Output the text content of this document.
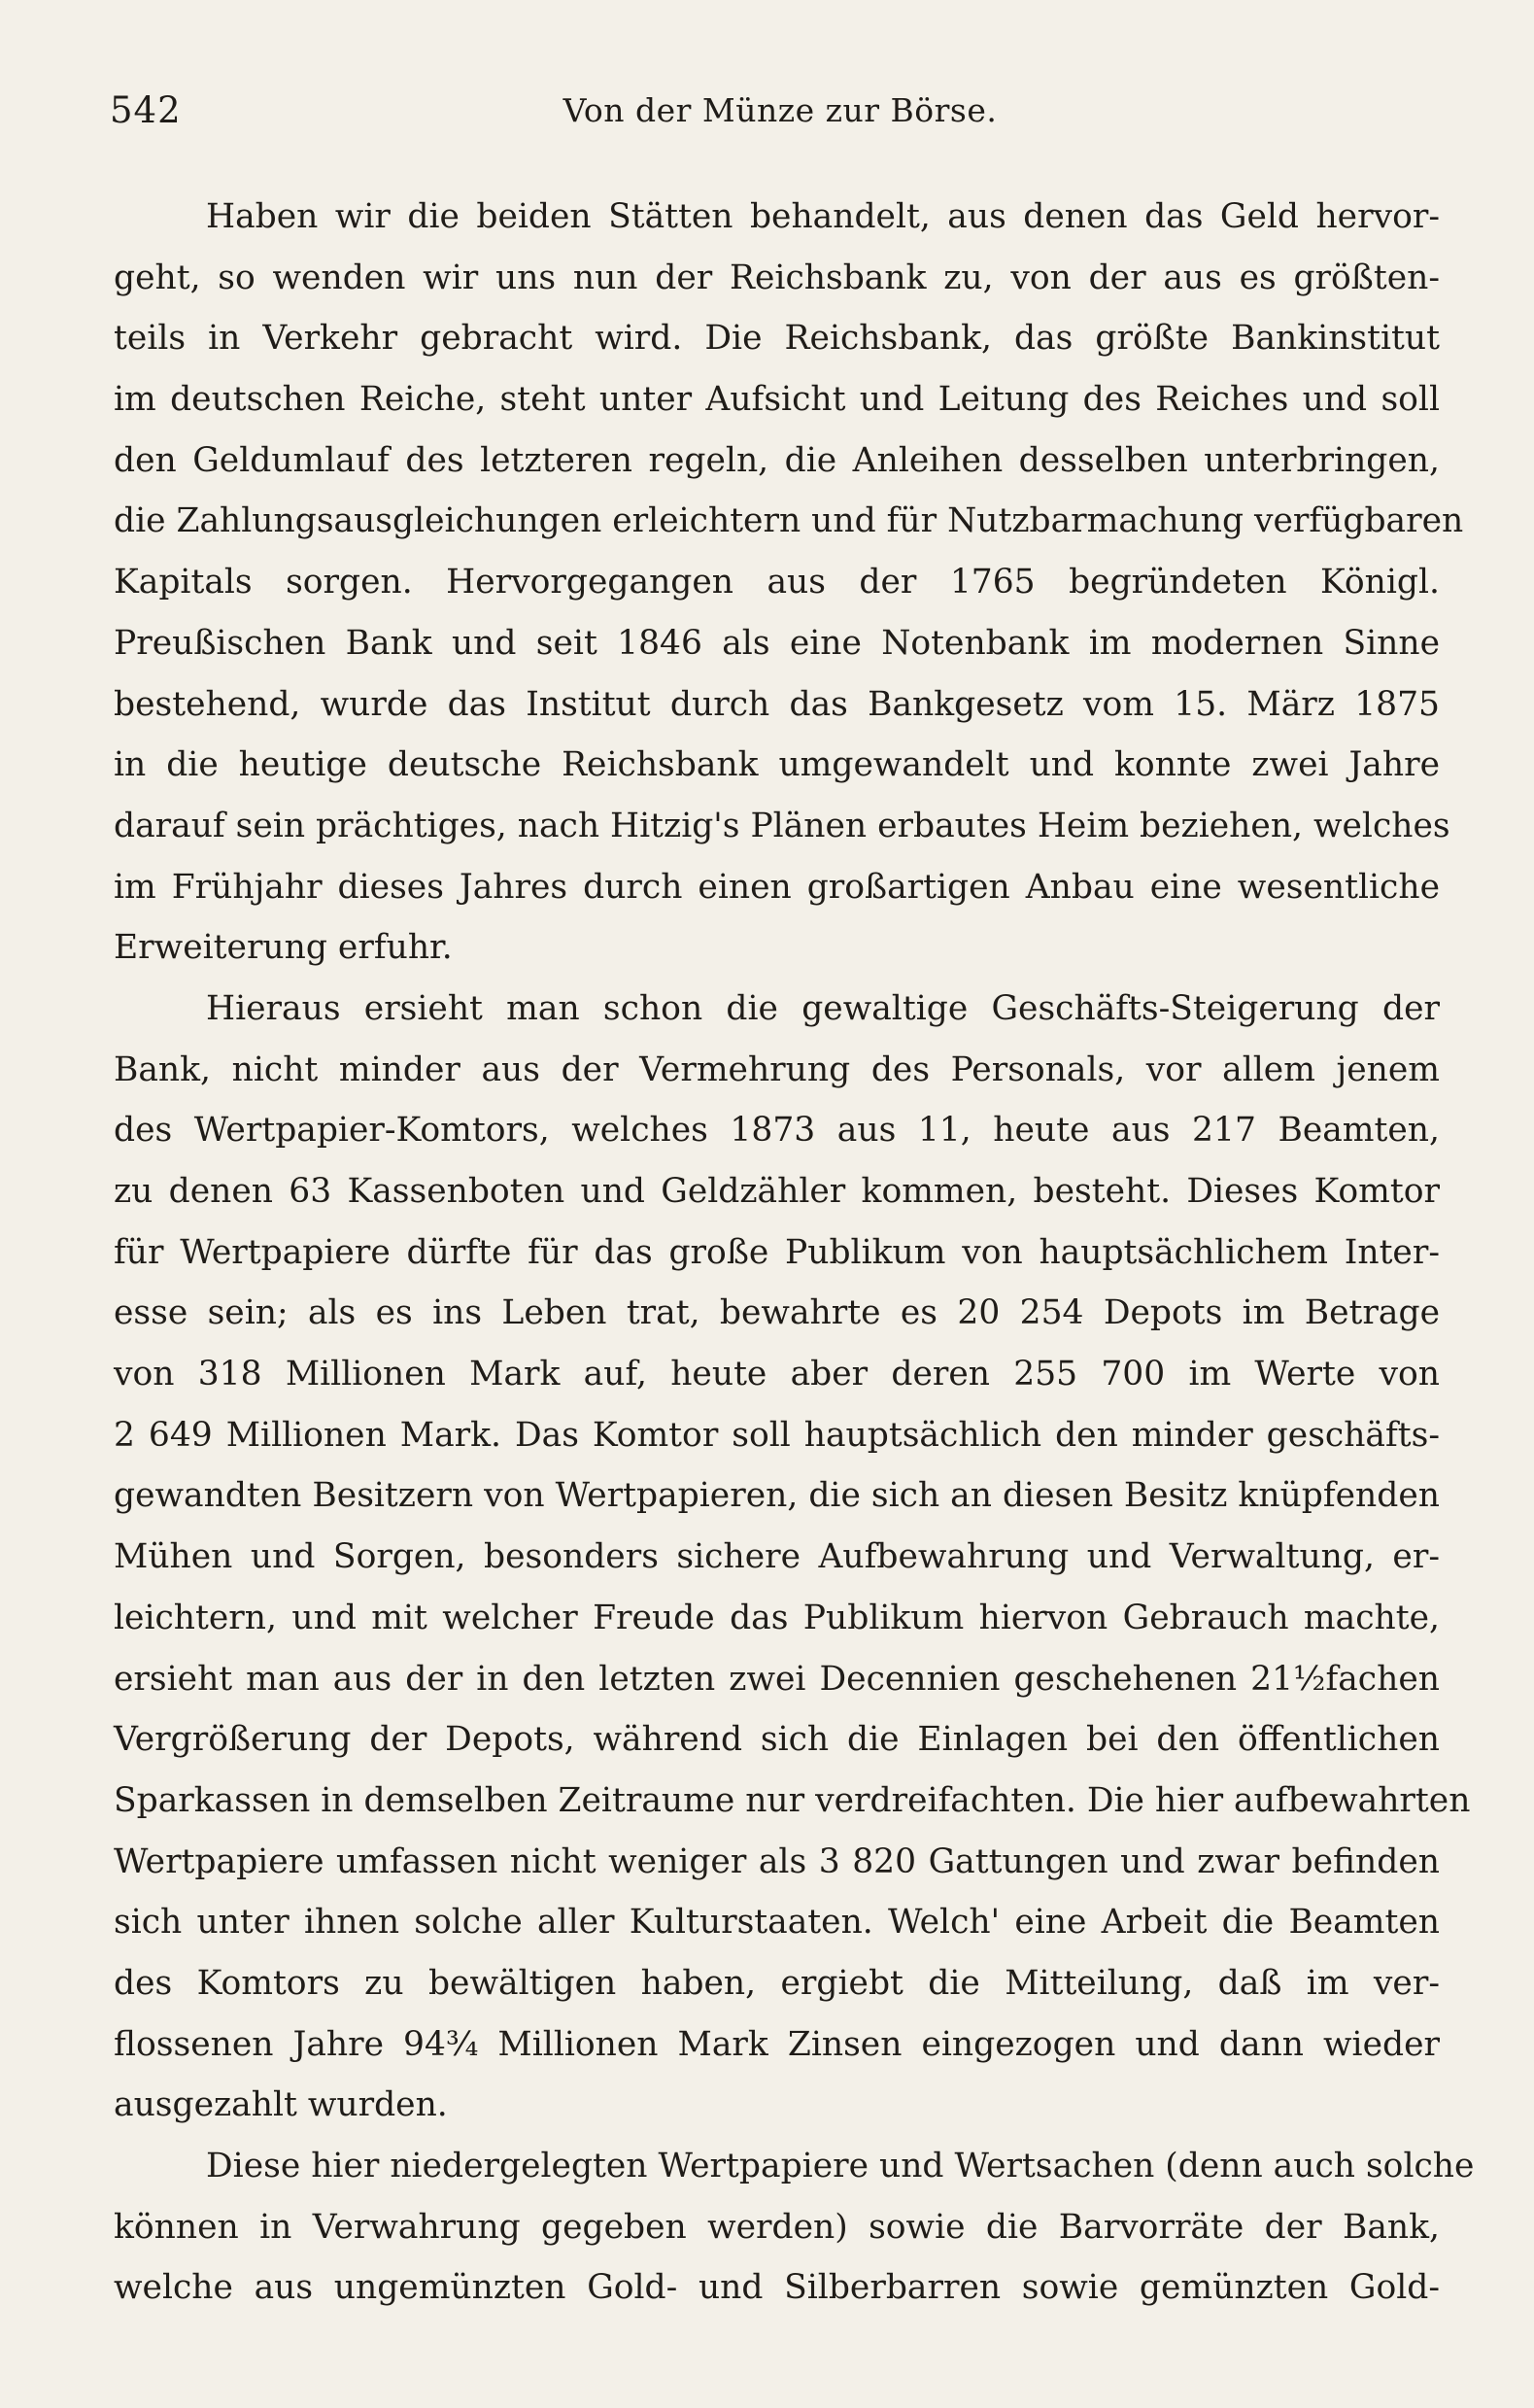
542	Von der Münze zur Börse.
Haben wir die beiden Stätten behandelt, aus denen das Geld hervor-
geht, so wenden wir uns nun der Reichsbank zu, von der aus es größten-
teils in Verkehr gebracht wird. Die Reichsbank, das größte Bankinstitut
im deutschen Reiche, steht unter Aufsicht und Leitung des Reiches und soll
den Geldumlauf des letzteren regeln, die Anleihen desselben unterbringen,
die Zahlungsausgleichungen erleichtern und für Nutzbarmachung verfügbaren
Kapitals sorgen. Hervorgegangen aus der 1765 begründeten Königl.
Preußischen Bank und seit 1846 als eine Notenbank im modernen Sinne
bestehend, wurde das Institut durch das Bankgesetz vom 15. März 1875
in die heutige deutsche Reichsbank umgewandelt und konnte zwei Jahre
darauf sein prächtiges, nach Hitzig's Plänen erbautes Heim beziehen, welches
im Frühjahr dieses Jahres durch einen großartigen Anbau eine wesentliche
Erweiterung erfuhr.
Hieraus ersieht man schon die gewaltige Geschäfts-Steigerung der
Bank, nicht minder aus der Vermehrung des Personals, vor allem jenem
des Wertpapier-Komtors, welches 1873 aus 11, heute aus 217 Beamten,
zu denen 63 Kassenboten und Geldzähler kommen, besteht. Dieses Komtor
für Wertpapiere dürfte für das große Publikum von hauptsächlichem Inter-
esse sein; als es ins Leben trat, bewahrte es 20 254 Depots im Betrage
von 318 Millionen Mark auf, heute aber deren 255 700 im Werte von
2 649 Millionen Mark. Das Komtor soll hauptsächlich den minder geschäfts-
gewandten Besitzern von Wertpapieren, die sich an diesen Besitz knüpfenden
Mühen und Sorgen, besonders sichere Aufbewahrung und Verwaltung, er-
leichtern, und mit welcher Freude das Publikum hiervon Gebrauch machte,
ersieht man aus der in den letzten zwei Decennien geschehenen 21½fachen
Vergrößerung der Depots, während sich die Einlagen bei den öffentlichen
Sparkassen in demselben Zeitraume nur verdreifachten. Die hier aufbewahrten
Wertpapiere umfassen nicht weniger als 3 820 Gattungen und zwar befinden
sich unter ihnen solche aller Kulturstaaten. Welch' eine Arbeit die Beamten
des Komtors zu bewältigen haben, ergiebt die Mitteilung, daß im ver-
flossenen Jahre 94¾ Millionen Mark Zinsen eingezogen und dann wieder
ausgezahlt wurden.
Diese hier niedergelegten Wertpapiere und Wertsachen (denn auch solche
können in Verwahrung gegeben werden) sowie die Barvorräte der Bank,
welche aus ungemünzten Gold- und Silberbarren sowie gemünzten Gold-
